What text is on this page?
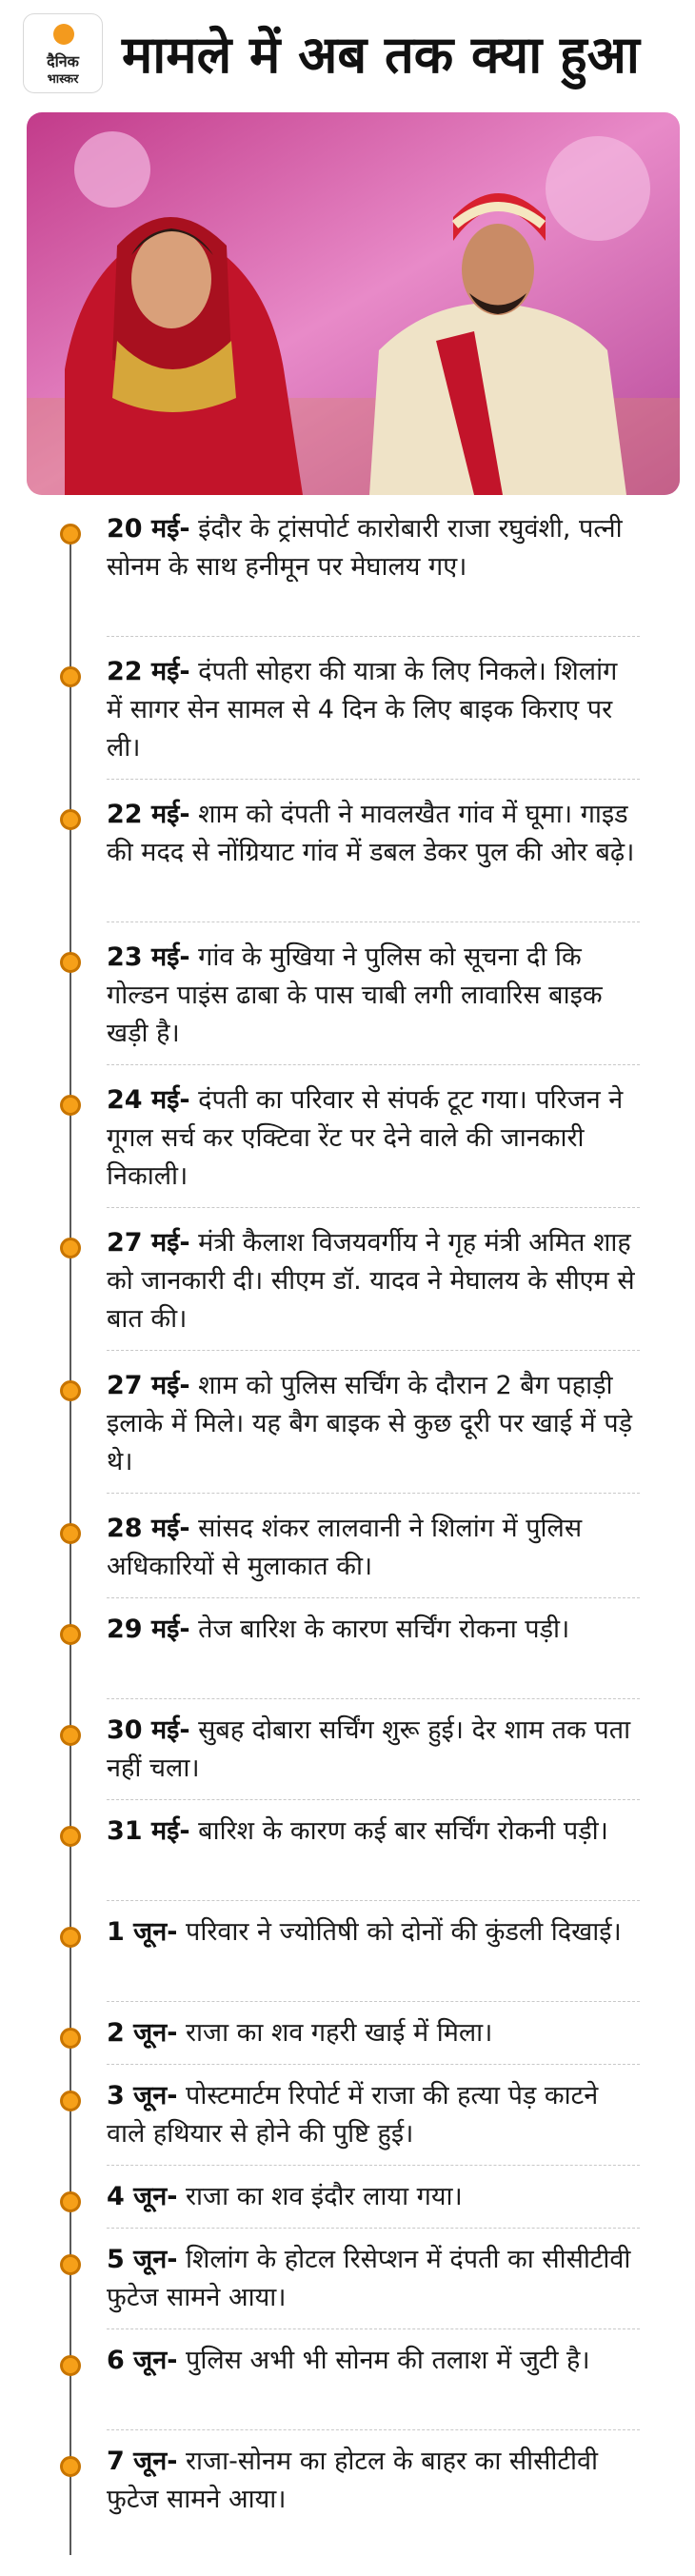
दैनिक
भास्कर मामले में अब तक क्या हुआ
20 मई- इंदौर के ट्रांसपोर्ट कारोबारी राजा रघुवंशी, पत्नी सोनम के साथ हनीमून पर मेघालय गए।
22 मई- दंपती सोहरा की यात्रा के लिए निकले। शिलांग में सागर सेन सामल से 4 दिन के लिए बाइक किराए पर ली।
22 मई- शाम को दंपती ने मावलखैत गांव में घूमा। गाइड की मदद से नोंग्रियाट गांव में डबल डेकर पुल की ओर बढ़े।
23 मई- गांव के मुखिया ने पुलिस को सूचना दी कि गोल्डन पाइंस ढाबा के पास चाबी लगी लावारिस बाइक खड़ी है।
24 मई- दंपती का परिवार से संपर्क टूट गया। परिजन ने गूगल सर्च कर एक्टिवा रेंट पर देने वाले की जानकारी निकाली।
27 मई- मंत्री कैलाश विजयवर्गीय ने गृह मंत्री अमित शाह को जानकारी दी। सीएम डॉ. यादव ने मेघालय के सीएम से बात की।
27 मई- शाम को पुलिस सर्चिंग के दौरान 2 बैग पहाड़ी इलाके में मिले। यह बैग बाइक से कुछ दूरी पर खाई में पड़े थे।
28 मई- सांसद शंकर लालवानी ने शिलांग में पुलिस अधिकारियों से मुलाकात की।
29 मई- तेज बारिश के कारण सर्चिंग रोकना पड़ी।
30 मई- सुबह दोबारा सर्चिंग शुरू हुई। देर शाम तक पता नहीं चला।
31 मई- बारिश के कारण कई बार सर्चिंग रोकनी पड़ी।
1 जून- परिवार ने ज्योतिषी को दोनों की कुंडली दिखाई।
2 जून- राजा का शव गहरी खाई में मिला।
3 जून- पोस्टमार्टम रिपोर्ट में राजा की हत्या पेड़ काटने वाले हथियार से होने की पुष्टि हुई।
4 जून- राजा का शव इंदौर लाया गया।
5 जून- शिलांग के होटल रिसेप्शन में दंपती का सीसीटीवी फुटेज सामने आया।
6 जून- पुलिस अभी भी सोनम की तलाश में जुटी है।
7 जून- राजा-सोनम का होटल के बाहर का सीसीटीवी फुटेज सामने आया।
